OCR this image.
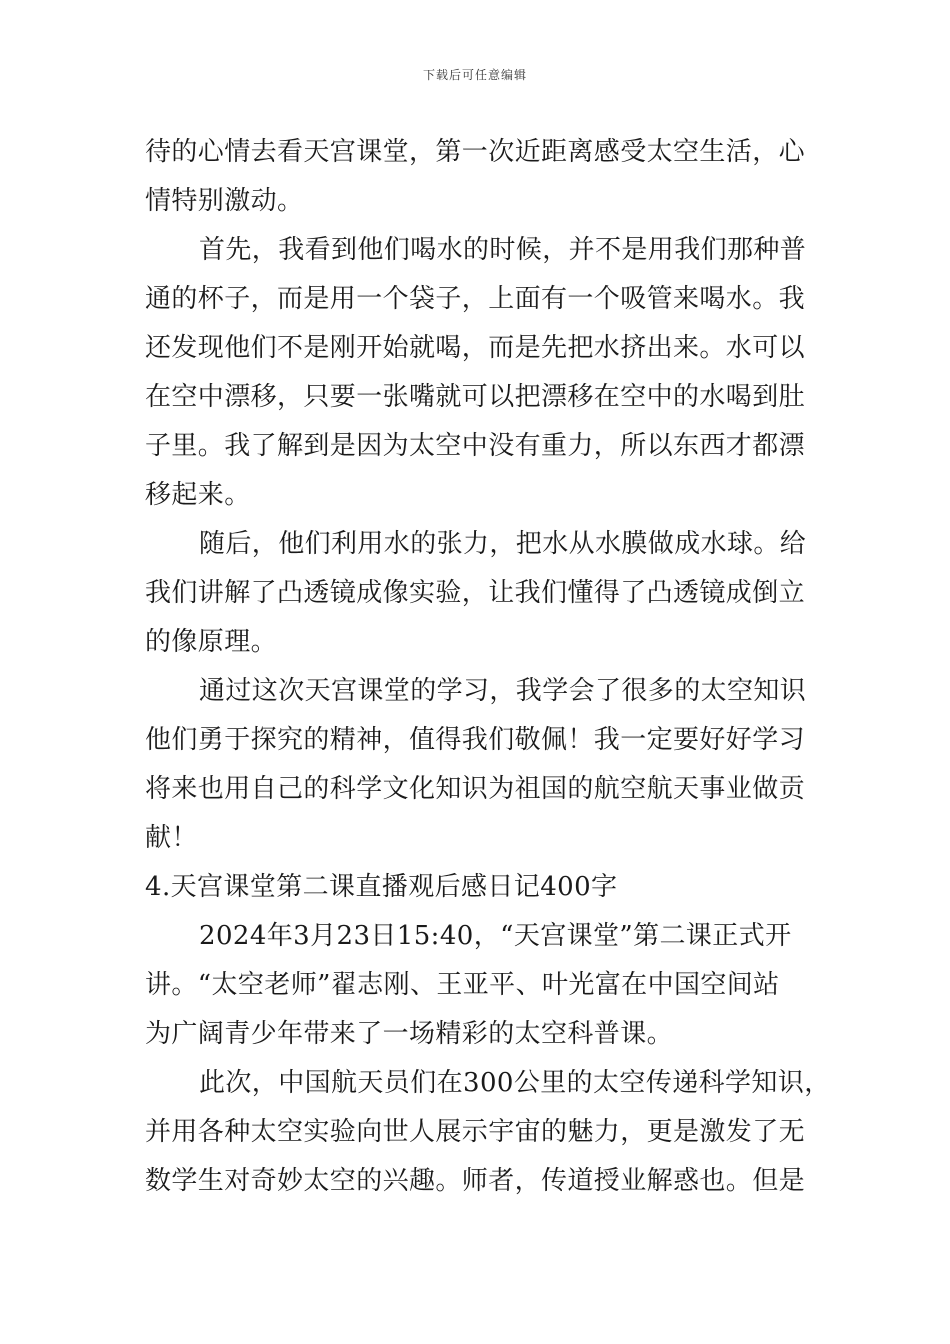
下载后可任意编辑
待的心情去看天宫课堂，第一次近距离感受太空生活，心
情特别激动。
首先，我看到他们喝水的时候，并不是用我们那种普
通的杯子，而是用一个袋子，上面有一个吸管来喝水。我
还发现他们不是刚开始就喝，而是先把水挤出来。水可以
在空中漂移，只要一张嘴就可以把漂移在空中的水喝到肚
子里。我了解到是因为太空中没有重力，所以东西才都漂
移起来。
随后，他们利用水的张力，把水从水膜做成水球。给
我们讲解了凸透镜成像实验，让我们懂得了凸透镜成倒立
的像原理。
通过这次天宫课堂的学习，我学会了很多的太空知识
他们勇于探究的精神，值得我们敬佩！我一定要好好学习
将来也用自己的科学文化知识为祖国的航空航天事业做贡
献！
4.天宫课堂第二课直播观后感日记400字
2024年3月23日15:40，“天宫课堂”第二课正式开
讲。“太空老师”翟志刚、王亚平、叶光富在中国空间站
为广阔青少年带来了一场精彩的太空科普课。
此次，中国航天员们在300公里的太空传递科学知识，
并用各种太空实验向世人展示宇宙的魅力，更是激发了无
数学生对奇妙太空的兴趣。师者，传道授业解惑也。但是
